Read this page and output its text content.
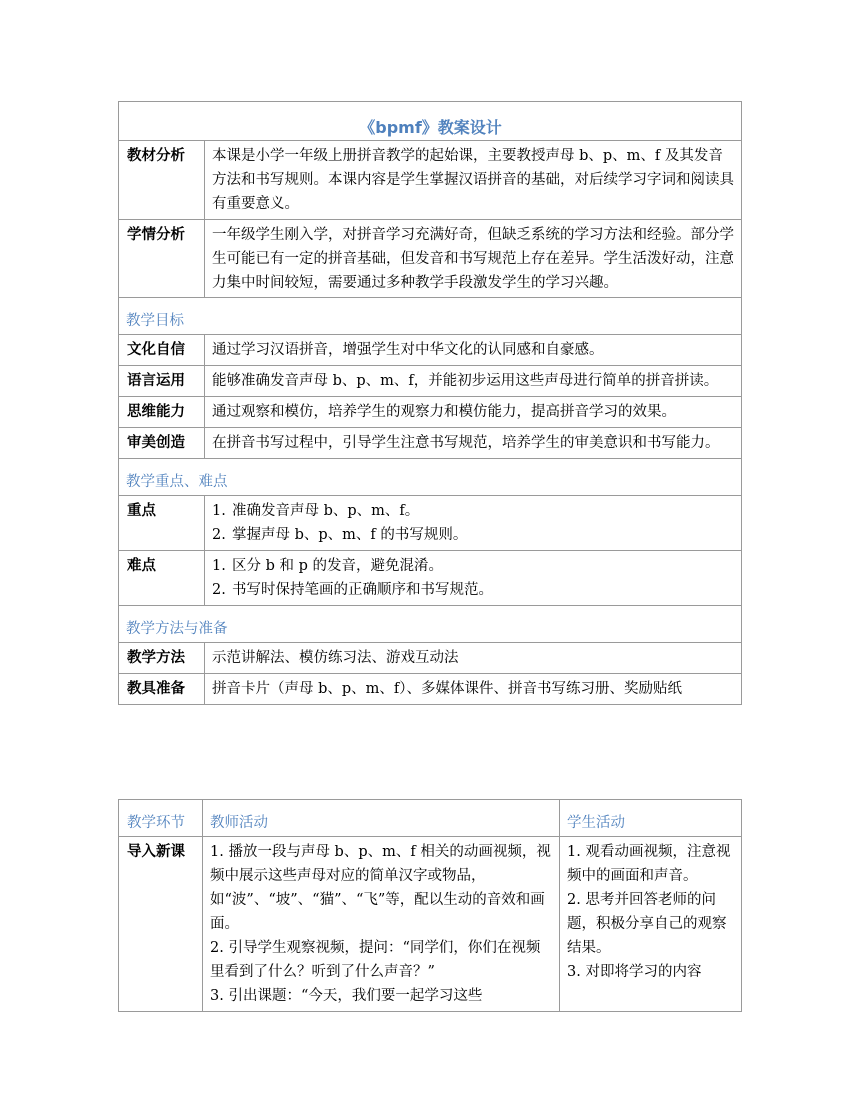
《bpmf》教案设计	
教材分析	本课是小学一年级上册拼音教学的起始课，主要教授声母 b、p、m、f 及其发音方法和书写规则。本课内容是学生掌握汉语拼音的基础，对后续学习字词和阅读具有重要意义。
学情分析	一年级学生刚入学，对拼音学习充满好奇，但缺乏系统的学习方法和经验。部分学生可能已有一定的拼音基础，但发音和书写规范上存在差异。学生活泼好动，注意力集中时间较短，需要通过多种教学手段激发学生的学习兴趣。
教学目标	
文化自信	通过学习汉语拼音，增强学生对中华文化的认同感和自豪感。
语言运用	能够准确发音声母 b、p、m、f，并能初步运用这些声母进行简单的拼音拼读。
思维能力	通过观察和模仿，培养学生的观察力和模仿能力，提高拼音学习的效果。
审美创造	在拼音书写过程中，引导学生注意书写规范，培养学生的审美意识和书写能力。
教学重点、难点	
重点	1. 准确发音声母 b、p、m、f。
2. 掌握声母 b、p、m、f 的书写规则。

难点	1. 区分 b 和 p 的发音，避免混淆。
2. 书写时保持笔画的正确顺序和书写规范。

教学方法与准备	
教学方法	示范讲解法、模仿练习法、游戏互动法
教具准备	拼音卡片（声母 b、p、m、f）、多媒体课件、拼音书写练习册、奖励贴纸
教学环节	教师活动	学生活动
导入新课	1. 播放一段与声母 b、p、m、f 相关的动画视频，视频中展示这些声母对应的简单汉字或物品，如“波”、“坡”、“猫”、“飞”等，配以生动的音效和画面。
2. 引导学生观察视频，提问：“同学们，你们在视频里看到了什么？听到了什么声音？”
3. 引出课题：“今天，我们要一起学习这些	1. 观看动画视频，注意视频中的画面和声音。
2. 思考并回答老师的问题，积极分享自己的观察结果。
3. 对即将学习的内容
